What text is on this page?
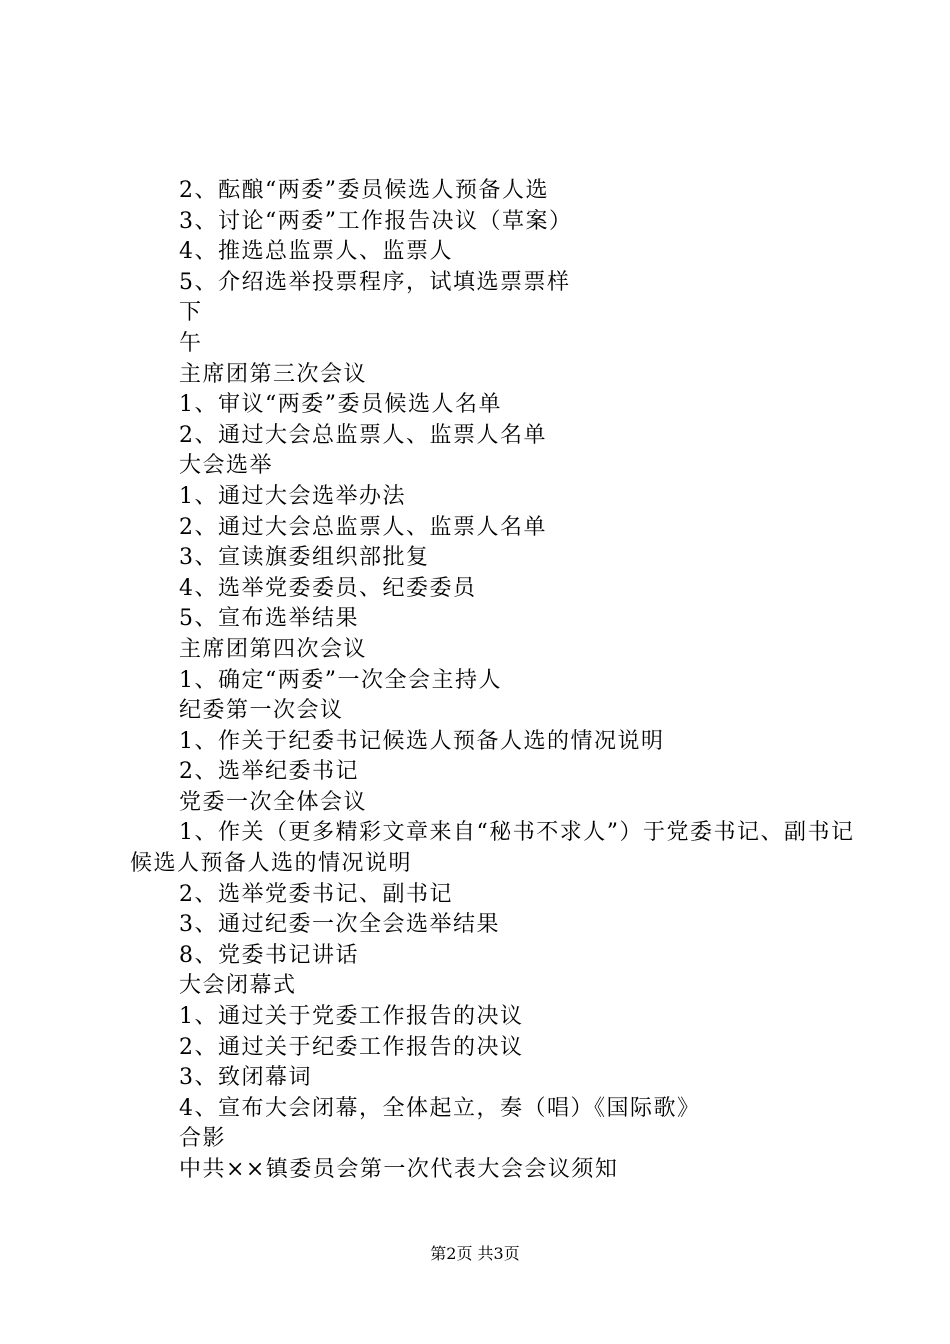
2、酝酿“两委”委员候选人预备人选
3、讨论“两委”工作报告决议（草案）
4、推选总监票人、监票人
5、介绍选举投票程序，试填选票票样
下
午
主席团第三次会议
1、审议“两委”委员候选人名单
2、通过大会总监票人、监票人名单
大会选举
1、通过大会选举办法
2、通过大会总监票人、监票人名单
3、宣读旗委组织部批复
4、选举党委委员、纪委委员
5、宣布选举结果
主席团第四次会议
1、确定“两委”一次全会主持人
纪委第一次会议
1、作关于纪委书记候选人预备人选的情况说明
2、选举纪委书记
党委一次全体会议
1、作关（更多精彩文章来自“秘书不求人”）于党委书记、副书记候选人预备人选的情况说明
2、选举党委书记、副书记
3、通过纪委一次全会选举结果
8、党委书记讲话
大会闭幕式
1、通过关于党委工作报告的决议
2、通过关于纪委工作报告的决议
3、致闭幕词
4、宣布大会闭幕，全体起立，奏（唱）《国际歌》
合影
中共××镇委员会第一次代表大会会议须知
第2页 共3页
